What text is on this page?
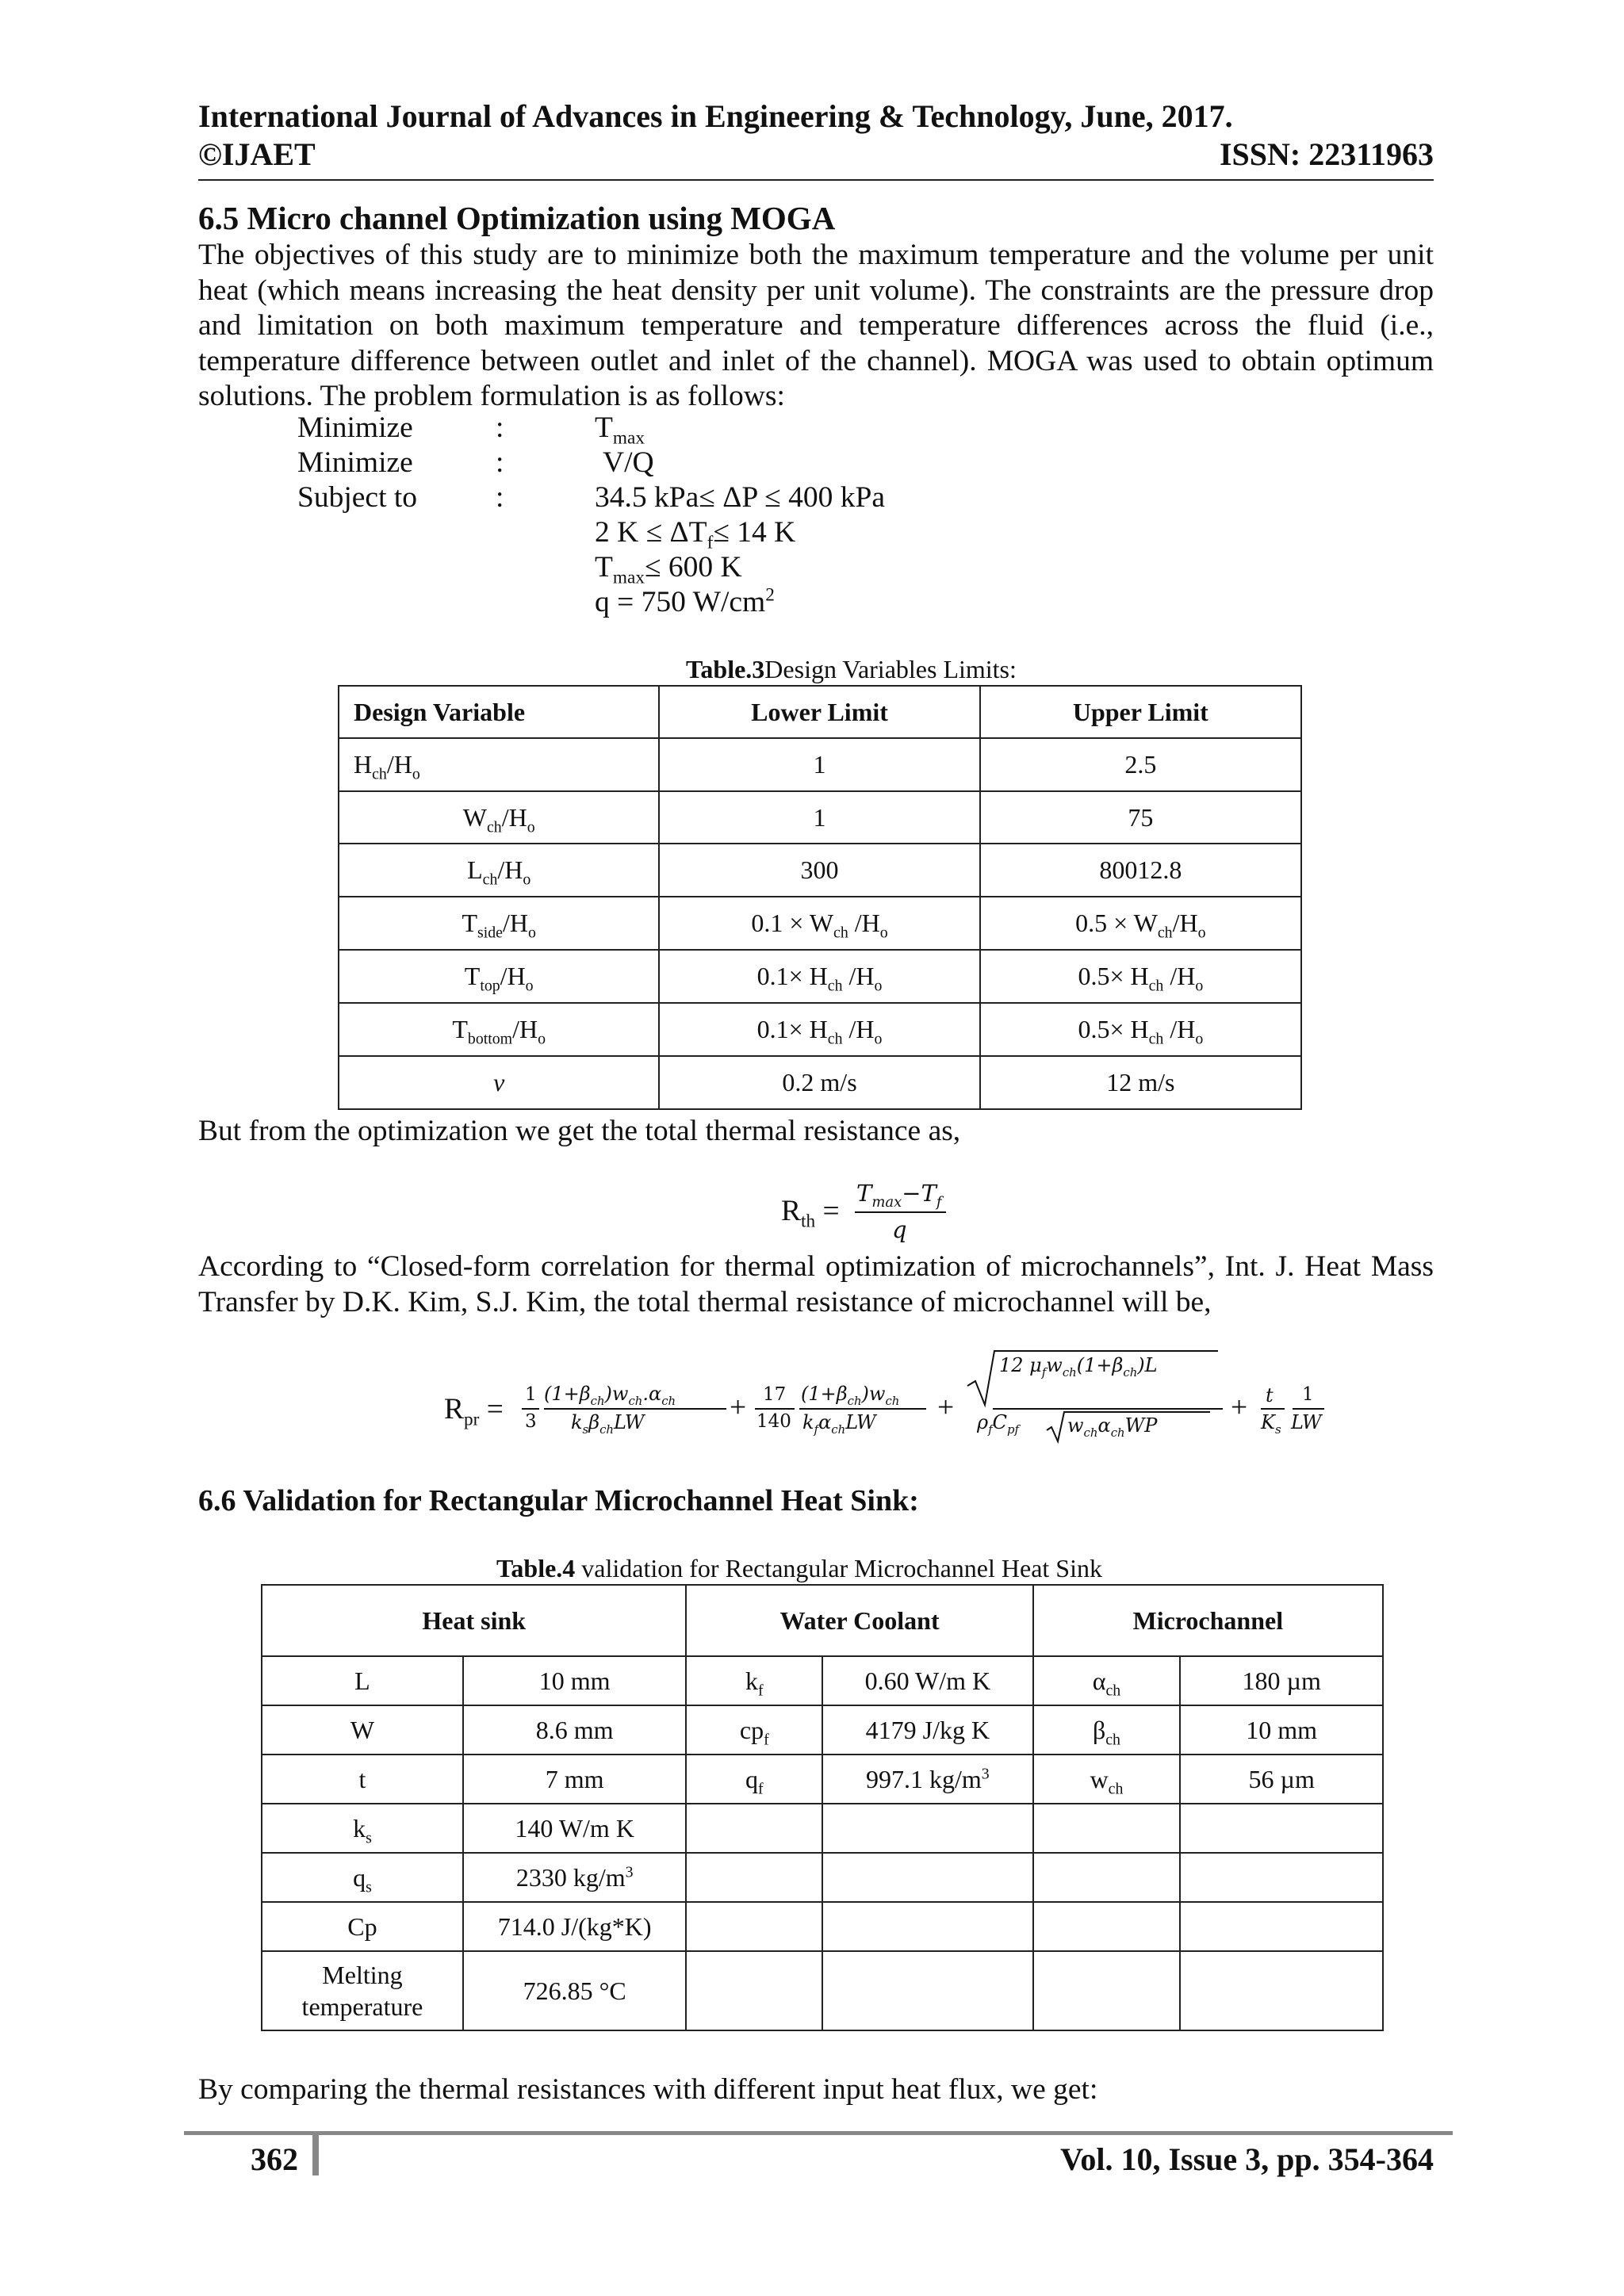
International Journal of Advances in Engineering & Technology, June, 2017.
©IJAET	ISSN: 22311963
6.5 Micro channel Optimization using MOGA
The objectives of this study are to minimize both the maximum temperature and the volume per unit heat (which means increasing the heat density per unit volume). The constraints are the pressure drop and limitation on both maximum temperature and temperature differences across the fluid (i.e., temperature difference between outlet and inlet of the channel). MOGA was used to obtain optimum solutions. The problem formulation is as follows:
Minimize	:	$T_{max}$
Minimize	:	V/Q
Subject to	:	34.5 kPa≤ ΔP ≤ 400 kPa
2 $K \le \Delta T_f\le 14$ K
$T_{max}\le 600$ K
q = 750 $W/cm^2$
Table.3Design Variables Limits:
Design Variable	Lower Limit	Upper Limit
$H_{ch}/H_o$	1	2.5
$W_{ch}/H_o$	1	75
$L_{ch}/H_o$	300	80012.8
$T_{side}/H_o$	$0.1 \times W_{ch}$ $/H_o$	$0.5 \times W_{ch}/H_o$
$T_{top}/H_o$	$0.1\times H_{ch}$ $/H_o$	$0.5\times H_{ch}$ $/H_o$
$T_{bottom}/H_o$	$0.1\times H_{ch}$ $/H_o$	$0.5\times H_{ch}$ $/H_o$
v	0.2 m/s	12 m/s
But from the optimization we get the total thermal resistance as,
$R_{th}$ =
$T_{max}-T_f$
q
According to “Closed-form correlation for thermal optimization of microchannels”, Int. J. Heat Mass Transfer by D.K. Kim, S.J. Kim, the total thermal resistance of microchannel will be,
$R_{pr} = 1$
3
$(1+\beta_{ch})w_{ch}.\alpha_{ch}$
$k_s\beta_{ch}LW$	+ 17
140
$(1+\beta_{ch})w_{ch}$
$k_f\alpha_{ch}LW$ +
12 $\mu_fw_{ch}(1+\beta_{ch})L$
$\rho_fC_{pf}$	$w_{ch}\alpha_{ch}WP$
+ t
$K_s$
1
LW
6.6 Validation for Rectangular Microchannel Heat Sink:
Table.4 validation for Rectangular Microchannel Heat Sink
Heat sink		Water Coolant		Microchannel	
L	10 mm	$k_f$	0.60 W/m K	$\alpha_{ch}$	180 µm
W	8.6 mm	$cp_f$	4179 J/kg K	$\beta_{ch}$	10 mm
t	7 mm	$q_f$	997.1 $kg/m^3$	$w_{ch}$	56 µm
$k_s$	140 W/m K				
$q_s$	2330 $kg/m^3$				
Cp	714.0 J/(kg*K)				
Melting temperature	726.85 °C				
By comparing the thermal resistances with different input heat flux, we get:
362	Vol. 10, Issue 3, pp. 354-364
